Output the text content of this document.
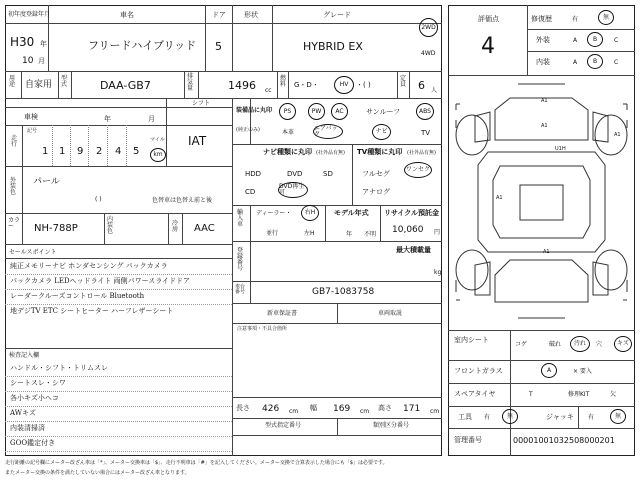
初年度登録年月
H30 年
10 月
車名
フリードハイブリッド
ドア
5
形状	グレード
HYBRID EX
2WD
4WD
用途 自家用
型式	DAA-GB7
排気量	1496 cc
燃料 G・D・	HV	・( )
定員 6 人
車検	年	月
シフト
IAT
走行
記号
1 1 9 2 4 5
マイル
km
外装色
パール
( )	色替車は色替え前と後
カラー	NH-788P
内装色
冷房 AAC
セールスポイント
純正メモリーナビ ホンダセンシング パックカメラ
パックカメラ LEDヘッドライト 両側パワースライドドア
レーダークルーズコントロール Bluetooth
地デジTV ETC シートヒーター ハーフレザーシート
検査記入欄
ハンドル・シフト・トリムスレ
シートスレ・シワ
各小キズ小ヘコ
AWキズ
内装清掃済
GOO鑑定付き
装備品に丸印
(純正のみ)
PS	PW	AC	サンルーフ	ABS
本革
エアバック	ナビ	TV
ナビ種類に丸印 (社外品有無)
HDD	DVD	SD
CD
DVD再生可
TV種類に丸印 (社外品有無)
フルセグ
ワンセグ
アナログ
輸入車
ディーラー・	右H
並行	左H
モデル年式
年 不明
リサイクル預託金
10,060 円
登録番号
最大積載量
kg
車台番号	GB7-1083758
新車保証書	車両取説
注意事項・不具合箇所
長さ 426 cm 幅 169 cm 高さ 171 cm
型式指定番号	類別区分番号
評価点
4
修復歴	有	無
外装	A	B	C
内装	A	B	C
A1
A1
U1 H
A1
A1
A1
室内シート
コゲ	破れ	汚れ	穴	キズ
フロントガラス	A	× 要入
スペアタイヤ	T	修理KIT	欠
工具 有	無	ジャッキ 有	無
管理番号	00001001032508000201
走行距離の記号欄にメーター改ざん車は「*」、メーター交換車は「$」、走行不明車は「#」を記入してください。メーター交換で合算表示した場合にも「$」は必要です。
またメーター交換の条件を満たしていない場合にはメーター改ざん車となります。
